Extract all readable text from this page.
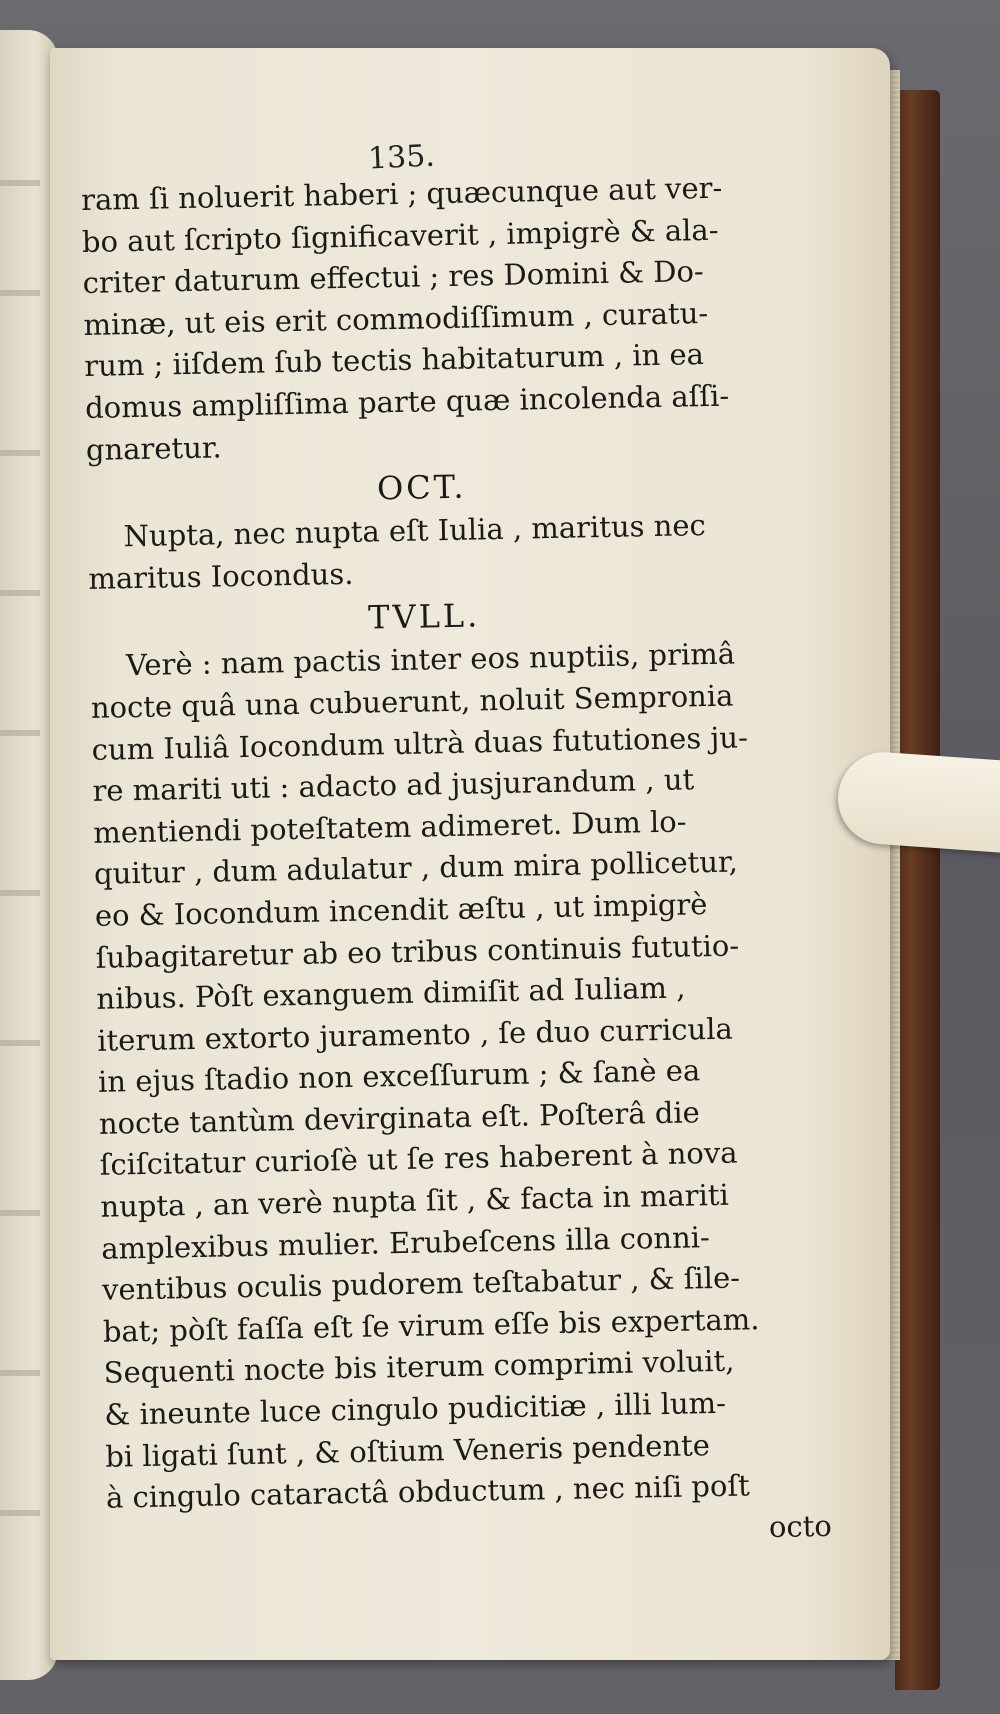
135.
ram ſi noluerit haberi ; quæcunque aut ver-
bo aut ſcripto ſignificaverit , impigrè & ala-
criter daturum effectui ; res Domini & Do-
minæ, ut eis erit commodiſſimum , curatu-
rum ; iiſdem ſub tectis habitaturum , in ea
domus ampliſſima parte quæ incolenda aſſi-
gnaretur.
OCT.
Nupta, nec nupta eſt Iulia , maritus nec
maritus Iocondus.
TVLL.
Verè : nam pactis inter eos nuptiis, primâ
nocte quâ una cubuerunt, noluit Sempronia
cum Iuliâ Iocondum ultrà duas fututiones ju-
re mariti uti : adacto ad jusjurandum , ut
mentiendi poteſtatem adimeret. Dum lo-
quitur , dum adulatur , dum mira pollicetur,
eo & Iocondum incendit æſtu , ut impigrè
ſubagitaretur ab eo tribus continuis fututio-
nibus. Pòſt exanguem dimiſit ad Iuliam ,
iterum extorto juramento , ſe duo curricula
in ejus ſtadio non exceſſurum ; & ſanè ea
nocte tantùm devirginata eſt. Poſterâ die
ſciſcitatur curioſè ut ſe res haberent à nova
nupta , an verè nupta ſit , & facta in mariti
amplexibus mulier. Erubeſcens illa conni-
ventibus oculis pudorem teſtabatur , & ſile-
bat; pòſt faſſa eſt ſe virum eſſe bis expertam.
Sequenti nocte bis iterum comprimi voluit,
& ineunte luce cingulo pudicitiæ , illi lum-
bi ligati ſunt , & oſtium Veneris pendente
à cingulo cataractâ obductum , nec niſi poſt
octo
